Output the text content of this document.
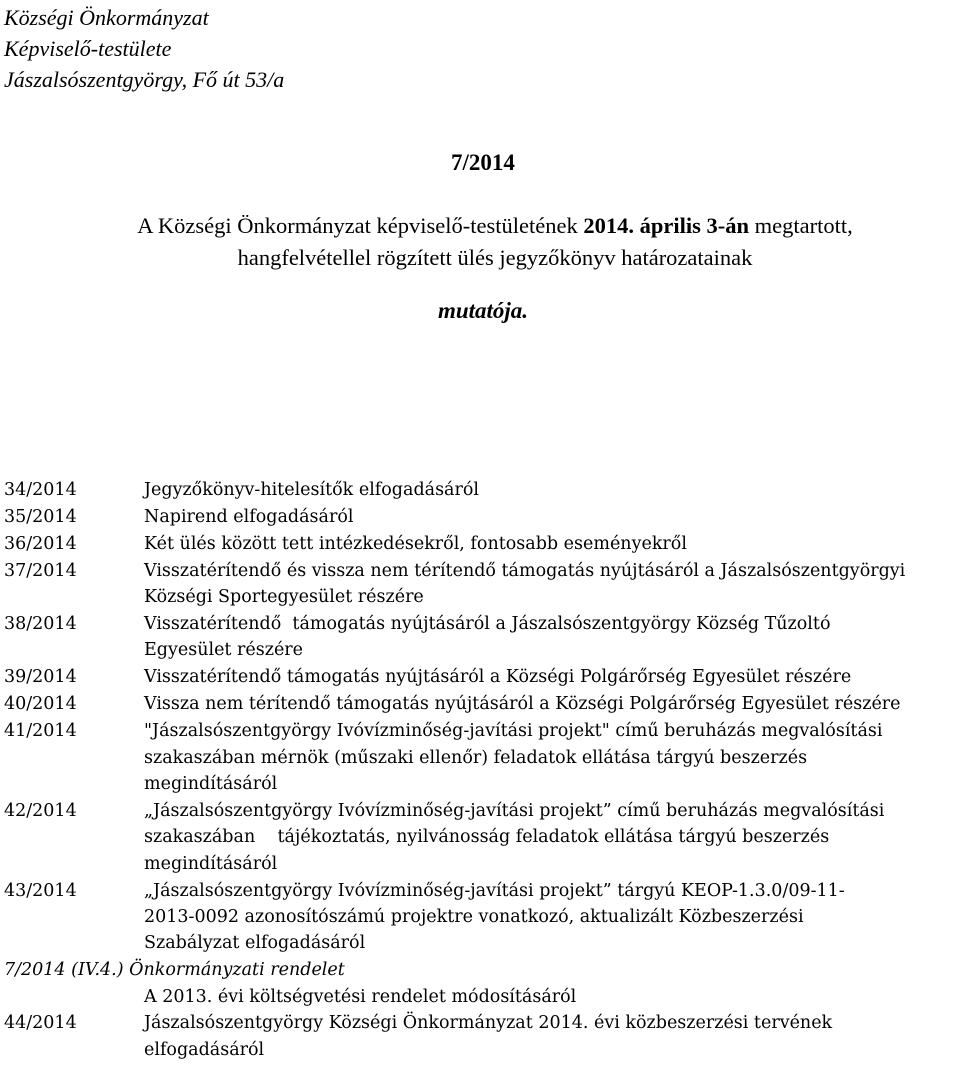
Községi Önkormányzat
Képviselő-testülete
Jászalsószentgyörgy, Fő út 53/a
7/2014
A Községi Önkormányzat képviselő-testületének 2014. április 3-án megtartott,
hangfelvétellel rögzített ülés jegyzőkönyv határozatainak
mutatója.
34/2014	Jegyzőkönyv-hitelesítők elfogadásáról
35/2014	Napirend elfogadásáról
36/2014	Két ülés között tett intézkedésekről, fontosabb eseményekről
37/2014	Visszatérítendő és vissza nem térítendő támogatás nyújtásáról a Jászalsószentgyörgyi
Községi Sportegyesület részére
38/2014	Visszatérítendő  támogatás nyújtásáról a Jászalsószentgyörgy Község Tűzoltó
Egyesület részére
39/2014	Visszatérítendő támogatás nyújtásáról a Községi Polgárőrség Egyesület részére
40/2014	Vissza nem térítendő támogatás nyújtásáról a Községi Polgárőrség Egyesület részére
41/2014	"Jászalsószentgyörgy Ivóvízminőség-javítási projekt" című beruházás megvalósítási
szakaszában mérnök (műszaki ellenőr) feladatok ellátása tárgyú beszerzés
megindításáról
42/2014	„Jászalsószentgyörgy Ivóvízminőség-javítási projekt” című beruházás megvalósítási
szakaszában    tájékoztatás, nyilvánosság feladatok ellátása tárgyú beszerzés
megindításáról
43/2014	„Jászalsószentgyörgy Ivóvízminőség-javítási projekt” tárgyú KEOP-1.3.0/09-11-
2013-0092 azonosítószámú projektre vonatkozó, aktualizált Közbeszerzési
Szabályzat elfogadásáról
7/2014 (IV.4.) Önkormányzati rendelet
A 2013. évi költségvetési rendelet módosításáról
44/2014	Jászalsószentgyörgy Községi Önkormányzat 2014. évi közbeszerzési tervének
elfogadásáról
